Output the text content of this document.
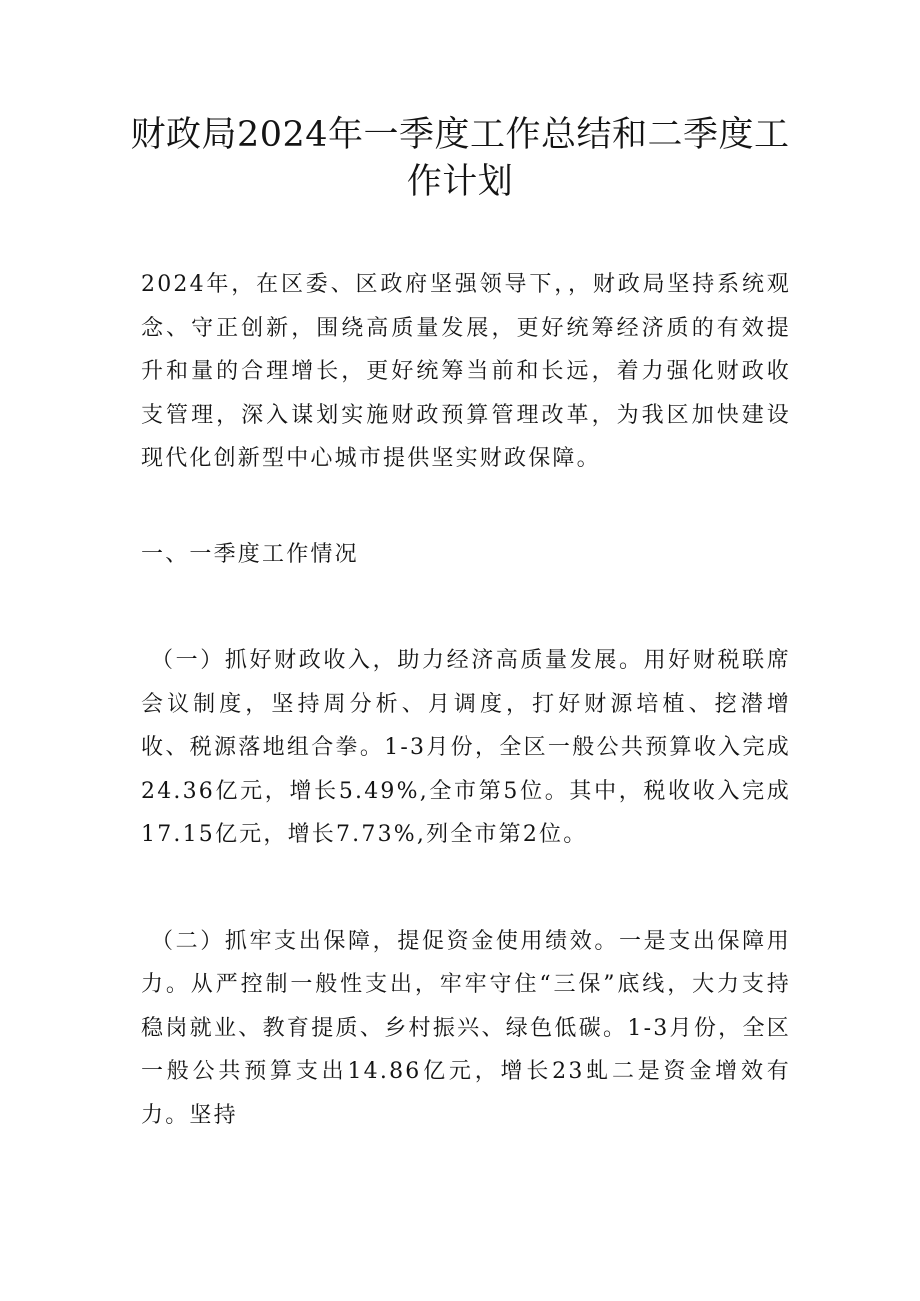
财政局2024年一季度工作总结和二季度工
作计划

2024年，在区委、区政府坚强领导下，，财政局坚持系统观念、守正创新，围绕高质量发展，更好统筹经济质的有效提升和量的合理增长，更好统筹当前和长远，着力强化财政收支管理，深入谋划实施财政预算管理改革，为我区加快建设现代化创新型中心城市提供坚实财政保障。

一、一季度工作情况

（一）抓好财政收入，助力经济高质量发展。用好财税联席会议制度，坚持周分析、月调度，打好财源培植、挖潜增收、税源落地组合拳。1-3月份，全区一般公共预算收入完成24.36亿元，增长5.49%,全市第5位。其中，税收收入完成17.15亿元，增长7.73%,列全市第2位。

（二）抓牢支出保障，提促资金使用绩效。一是支出保障用力。从严控制一般性支出，牢牢守住“三保”底线，大力支持稳岗就业、教育提质、乡村振兴、绿色低碳。1-3月份，全区一般公共预算支出14.86亿元，增长23虬二是资金增效有力。坚持
